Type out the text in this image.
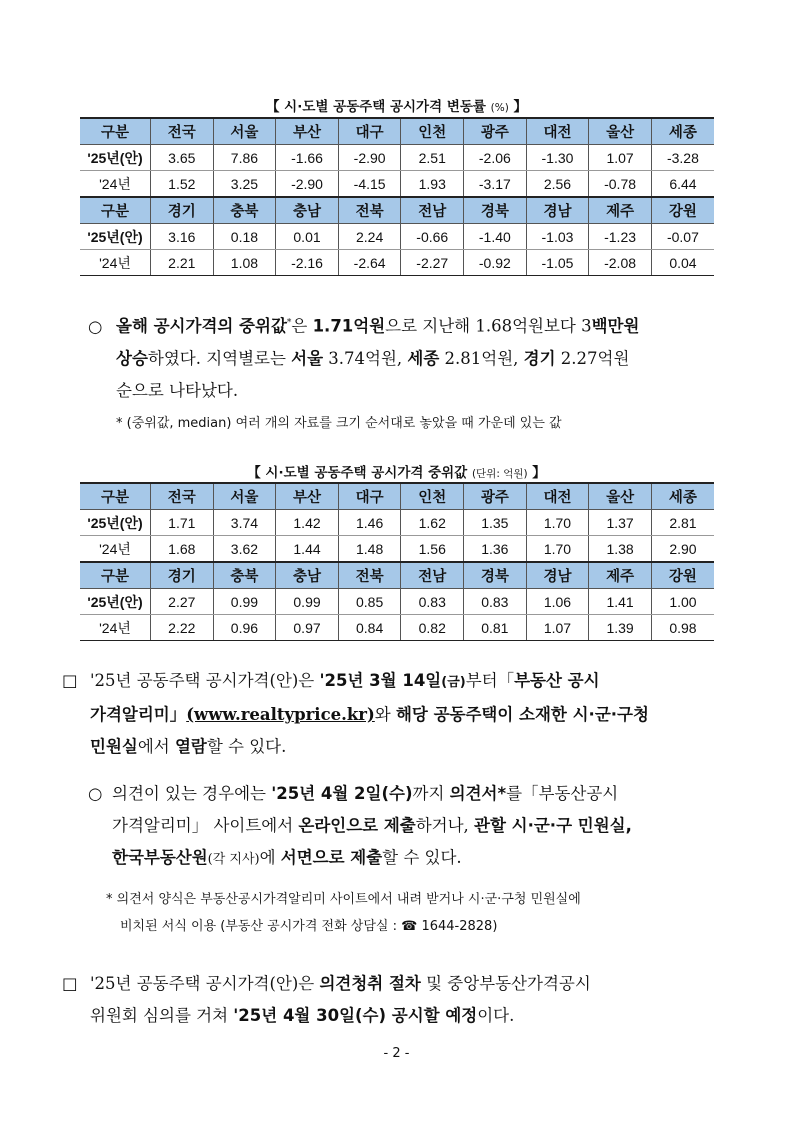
【 시·도별 공동주택 공시가격 변동률 (%) 】
구분	전국	서울	부산	대구	인천	광주	대전	울산	세종
'25년(안)	3.65	7.86	-1.66	-2.90	2.51	-2.06	-1.30	1.07	-3.28
'24년	1.52	3.25	-2.90	-4.15	1.93	-3.17	2.56	-0.78	6.44
구분	경기	충북	충남	전북	전남	경북	경남	제주	강원
'25년(안)	3.16	0.18	0.01	2.24	-0.66	-1.40	-1.03	-1.23	-0.07
'24년	2.21	1.08	-2.16	-2.64	-2.27	-0.92	-1.05	-2.08	0.04
○ 올해 공시가격의 중위값*은 1.71억원으로 지난해 1.68억원보다 3백만원
상승하였다. 지역별로는 서울 3.74억원, 세종 2.81억원, 경기 2.27억원
순으로 나타났다.
* (중위값, median) 여러 개의 자료를 크기 순서대로 놓았을 때 가운데 있는 값
【 시·도별 공동주택 공시가격 중위값 (단위: 억원) 】
구분	전국	서울	부산	대구	인천	광주	대전	울산	세종
'25년(안)	1.71	3.74	1.42	1.46	1.62	1.35	1.70	1.37	2.81
'24년	1.68	3.62	1.44	1.48	1.56	1.36	1.70	1.38	2.90
구분	경기	충북	충남	전북	전남	경북	경남	제주	강원
'25년(안)	2.27	0.99	0.99	0.85	0.83	0.83	1.06	1.41	1.00
'24년	2.22	0.96	0.97	0.84	0.82	0.81	1.07	1.39	0.98
□ '25년 공동주택 공시가격(안)은 '25년 3월 14일(금)부터「부동산 공시
가격알리미」(www.realtyprice.kr)와 해당 공동주택이 소재한 시·군·구청
민원실에서 열람할 수 있다.
○ 의견이 있는 경우에는 '25년 4월 2일(수)까지 의견서*를「부동산공시
가격알리미」 사이트에서 온라인으로 제출하거나, 관할 시·군·구 민원실,
한국부동산원(각 지사)에 서면으로 제출할 수 있다.
* 의견서 양식은 부동산공시가격알리미 사이트에서 내려 받거나 시·군·구청 민원실에
비치된 서식 이용 (부동산 공시가격 전화 상담실 : ☎ 1644-2828)
□ '25년 공동주택 공시가격(안)은 의견청취 절차 및 중앙부동산가격공시
위원회 심의를 거쳐 '25년 4월 30일(수) 공시할 예정이다.
- 2 -
